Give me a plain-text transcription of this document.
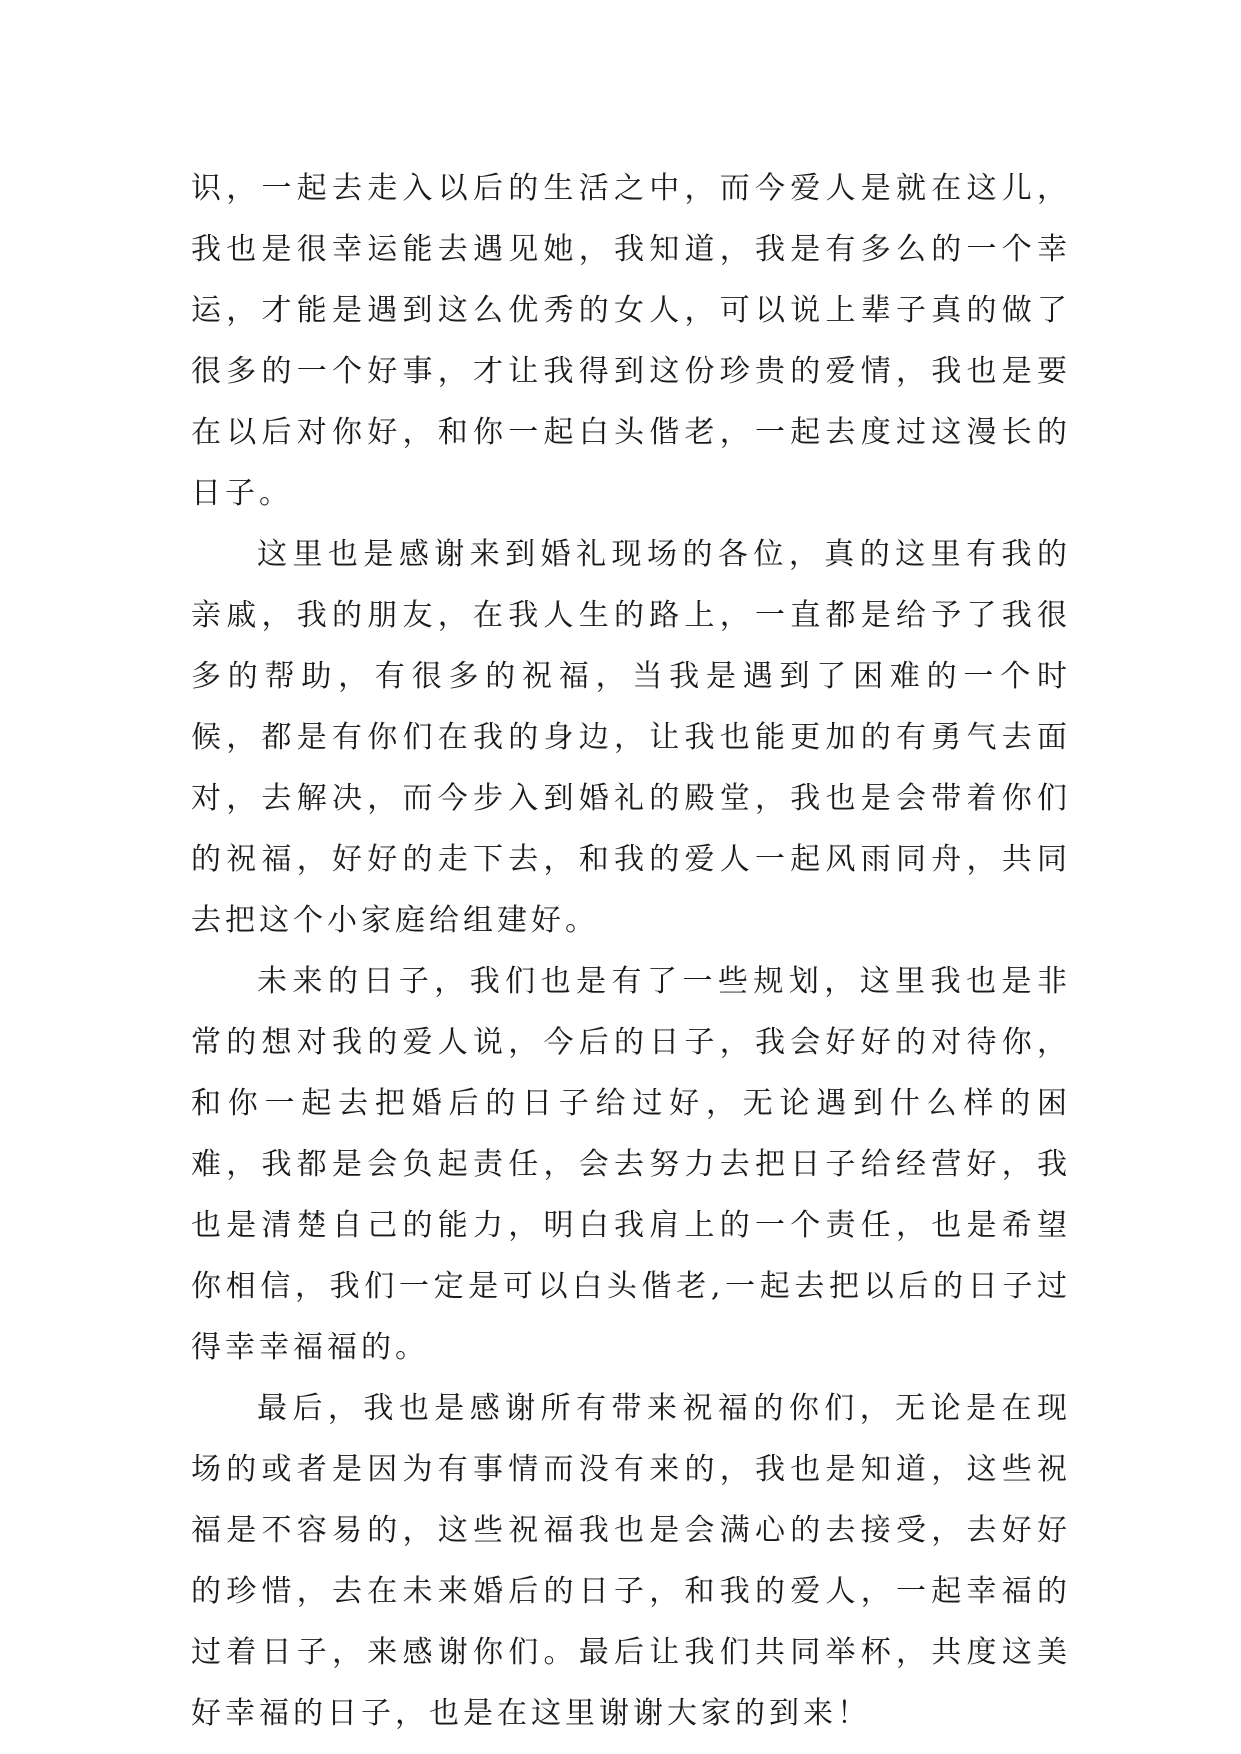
识，一起去走入以后的生活之中，而今爱人是就在这儿，我也是很幸运能去遇见她，我知道，我是有多么的一个幸运，才能是遇到这么优秀的女人，可以说上辈子真的做了很多的一个好事，才让我得到这份珍贵的爱情，我也是要在以后对你好，和你一起白头偕老，一起去度过这漫长的日子。

这里也是感谢来到婚礼现场的各位，真的这里有我的亲戚，我的朋友，在我人生的路上，一直都是给予了我很多的帮助，有很多的祝福，当我是遇到了困难的一个时候，都是有你们在我的身边，让我也能更加的有勇气去面对，去解决，而今步入到婚礼的殿堂，我也是会带着你们的祝福，好好的走下去，和我的爱人一起风雨同舟，共同去把这个小家庭给组建好。

未来的日子，我们也是有了一些规划，这里我也是非常的想对我的爱人说，今后的日子，我会好好的对待你，和你一起去把婚后的日子给过好，无论遇到什么样的困难，我都是会负起责任，会去努力去把日子给经营好，我也是清楚自己的能力，明白我肩上的一个责任，也是希望你相信，我们一定是可以白头偕老,一起去把以后的日子过得幸幸福福的。

最后，我也是感谢所有带来祝福的你们，无论是在现场的或者是因为有事情而没有来的，我也是知道，这些祝福是不容易的，这些祝福我也是会满心的去接受，去好好的珍惜，去在未来婚后的日子，和我的爱人，一起幸福的过着日子，来感谢你们。最后让我们共同举杯，共度这美好幸福的日子，也是在这里谢谢大家的到来！
